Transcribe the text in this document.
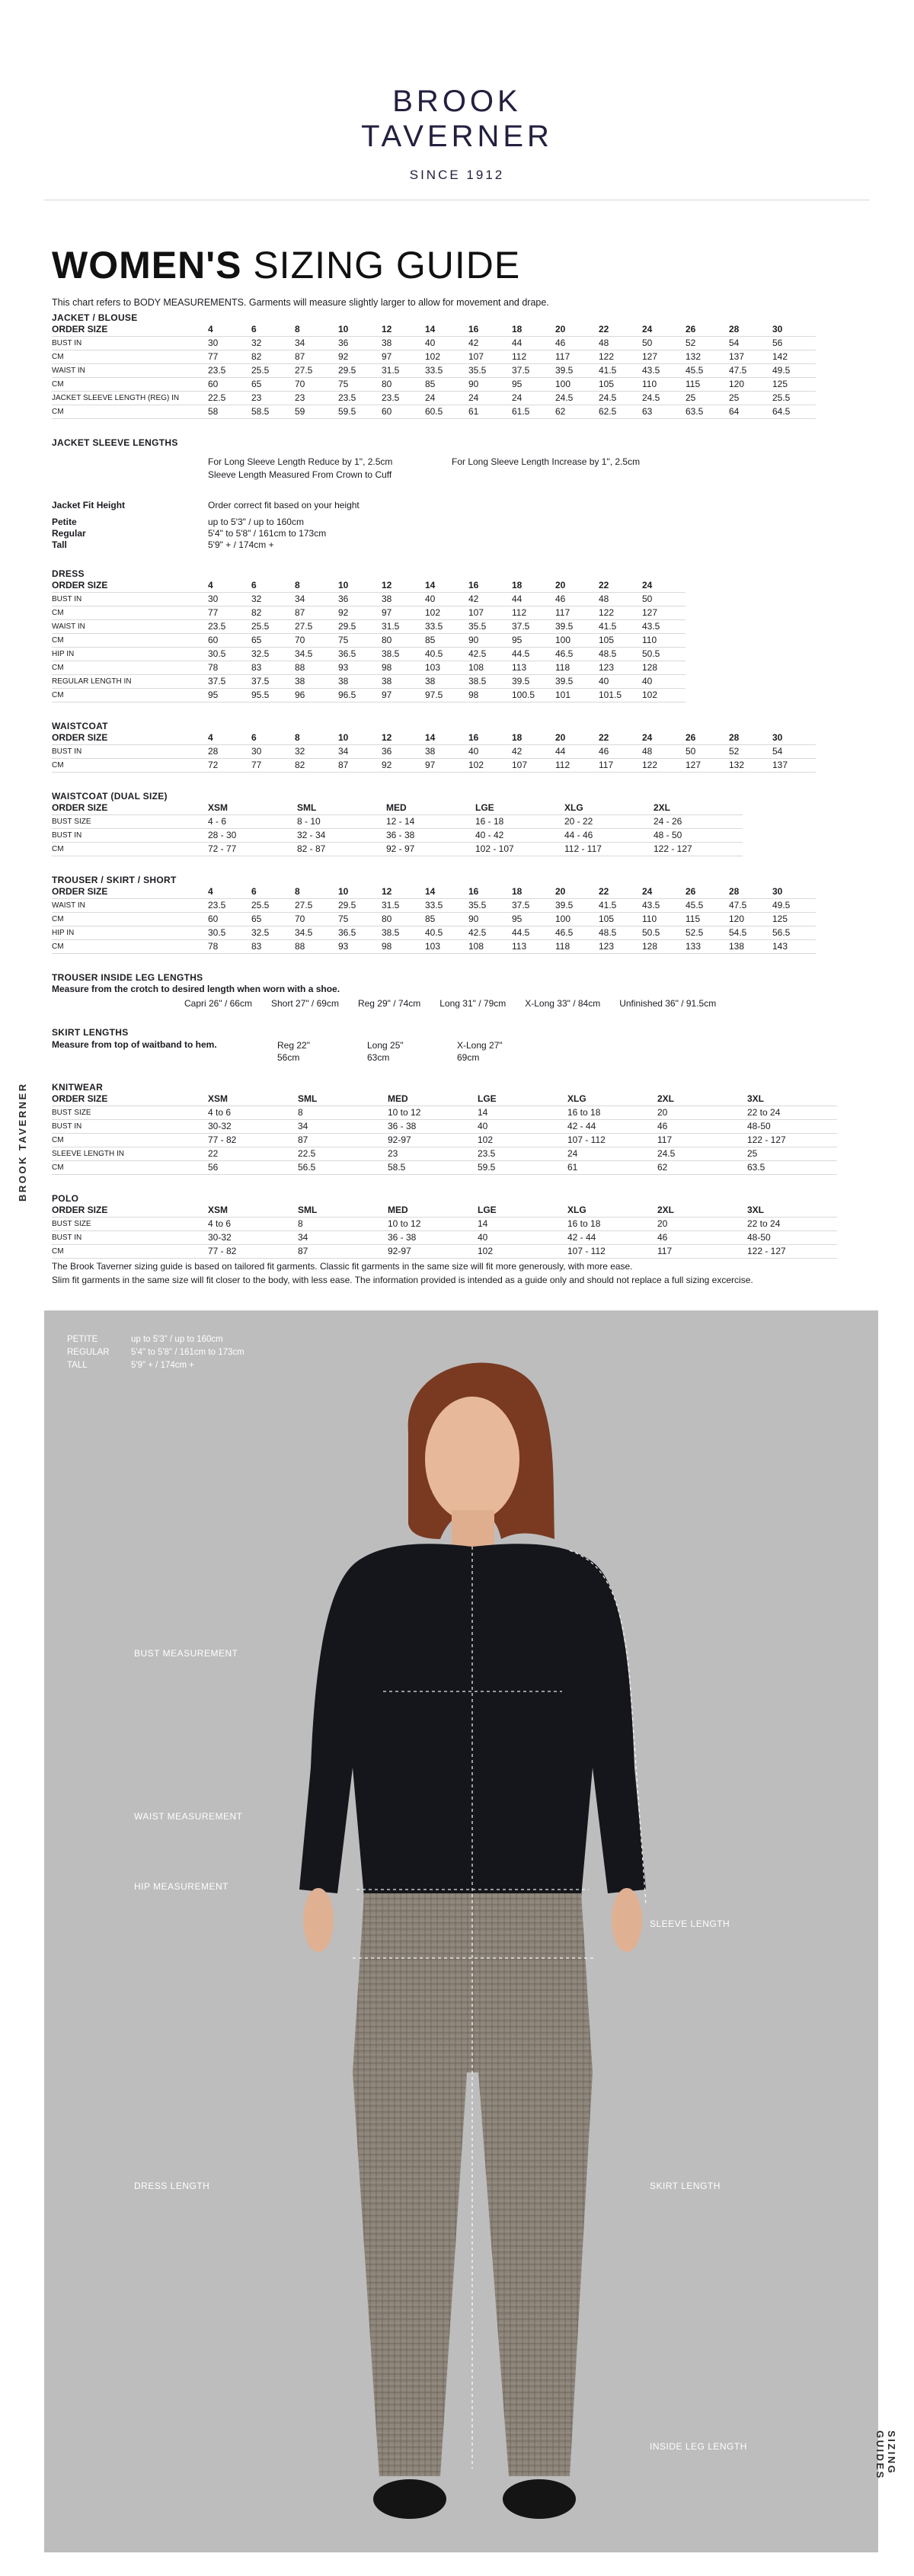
BROOK
TAVERNER
SINCE 1912
WOMEN'S SIZING GUIDE

This chart refers to BODY MEASUREMENTS. Garments will measure slightly larger to allow for movement and drape.

JACKET / BLOUSE
ORDER SIZE	4	6	8	10	12	14	16	18	20	22	24	26	28	30
BUST IN	30	32	34	36	38	40	42	44	46	48	50	52	54	56
CM	77	82	87	92	97	102	107	112	117	122	127	132	137	142
WAIST IN	23.5	25.5	27.5	29.5	31.5	33.5	35.5	37.5	39.5	41.5	43.5	45.5	47.5	49.5
CM	60	65	70	75	80	85	90	95	100	105	110	115	120	125
JACKET SLEEVE LENGTH (REG) IN	22.5	23	23	23.5	23.5	24	24	24	24.5	24.5	24.5	25	25	25.5
CM	58	58.5	59	59.5	60	60.5	61	61.5	62	62.5	63	63.5	64	64.5
JACKET SLEEVE LENGTHS
For Long Sleeve Length Reduce by 1", 2.5cm
Sleeve Length Measured From Crown to Cuff
For Long Sleeve Length Increase by 1", 2.5cm
Jacket Fit Height	Order correct fit based on your height
Petite	up to 5'3" / up to 160cm
Regular	5'4" to 5'8" / 161cm to 173cm
Tall	5'9" + / 174cm +
DRESS
ORDER SIZE	4	6	8	10	12	14	16	18	20	22	24
BUST IN	30	32	34	36	38	40	42	44	46	48	50
CM	77	82	87	92	97	102	107	112	117	122	127
WAIST IN	23.5	25.5	27.5	29.5	31.5	33.5	35.5	37.5	39.5	41.5	43.5
CM	60	65	70	75	80	85	90	95	100	105	110
HIP IN	30.5	32.5	34.5	36.5	38.5	40.5	42.5	44.5	46.5	48.5	50.5
CM	78	83	88	93	98	103	108	113	118	123	128
REGULAR LENGTH IN	37.5	37.5	38	38	38	38	38.5	39.5	39.5	40	40
CM	95	95.5	96	96.5	97	97.5	98	100.5	101	101.5	102
WAISTCOAT
ORDER SIZE	4	6	8	10	12	14	16	18	20	22	24	26	28	30
BUST IN	28	30	32	34	36	38	40	42	44	46	48	50	52	54
CM	72	77	82	87	92	97	102	107	112	117	122	127	132	137
WAISTCOAT (DUAL SIZE)
ORDER SIZE	XSM	SML	MED	LGE	XLG	2XL
BUST SIZE	4 - 6	8 - 10	12 - 14	16 - 18	20 - 22	24 - 26
BUST IN	28 - 30	32 - 34	36 - 38	40 - 42	44 - 46	48 - 50
CM	72 - 77	82 - 87	92 - 97	102 - 107	112 - 117	122 - 127
TROUSER / SKIRT / SHORT
ORDER SIZE	4	6	8	10	12	14	16	18	20	22	24	26	28	30
WAIST IN	23.5	25.5	27.5	29.5	31.5	33.5	35.5	37.5	39.5	41.5	43.5	45.5	47.5	49.5
CM	60	65	70	75	80	85	90	95	100	105	110	115	120	125
HIP IN	30.5	32.5	34.5	36.5	38.5	40.5	42.5	44.5	46.5	48.5	50.5	52.5	54.5	56.5
CM	78	83	88	93	98	103	108	113	118	123	128	133	138	143
TROUSER INSIDE LEG LENGTHS
Measure from the crotch to desired length when worn with a shoe.
Capri 26" / 66cm Short 27" / 69cm Reg 29" / 74cm Long 31" / 79cm X-Long 33" / 84cm Unfinished 36" / 91.5cm
SKIRT LENGTHS
Measure from top of waitband to hem.	Reg 22"
56cm
Long 25"
63cm
X-Long 27"
69cm
KNITWEAR
ORDER SIZE	XSM	SML	MED	LGE	XLG	2XL	3XL
BUST SIZE	4 to 6	8	10 to 12	14	16 to 18	20	22 to 24
BUST IN	30-32	34	36 - 38	40	42 - 44	46	48-50
CM	77 - 82	87	92-97	102	107 - 112	117	122 - 127
SLEEVE LENGTH IN	22	22.5	23	23.5	24	24.5	25
CM	56	56.5	58.5	59.5	61	62	63.5
POLO
ORDER SIZE	XSM	SML	MED	LGE	XLG	2XL	3XL
BUST SIZE	4 to 6	8	10 to 12	14	16 to 18	20	22 to 24
BUST IN	30-32	34	36 - 38	40	42 - 44	46	48-50
CM	77 - 82	87	92-97	102	107 - 112	117	122 - 127
The Brook Taverner sizing guide is based on tailored fit garments. Classic fit garments in the same size will fit more generously, with more ease.
Slim fit garments in the same size will fit closer to the body, with less ease. The information provided is intended as a guide only and should not replace a full sizing excercise.
BROOK TAVERNER
PETITE	up to 5'3" / up to 160cm
REGULAR	5'4" to 5'8" / 161cm to 173cm
TALL	5'9" + / 174cm +
BUST MEASUREMENT
WAIST MEASUREMENT
HIP MEASUREMENT
SLEEVE LENGTH
DRESS LENGTH	SKIRT LENGTH
INSIDE LEG LENGTH	SIZING GUIDES
